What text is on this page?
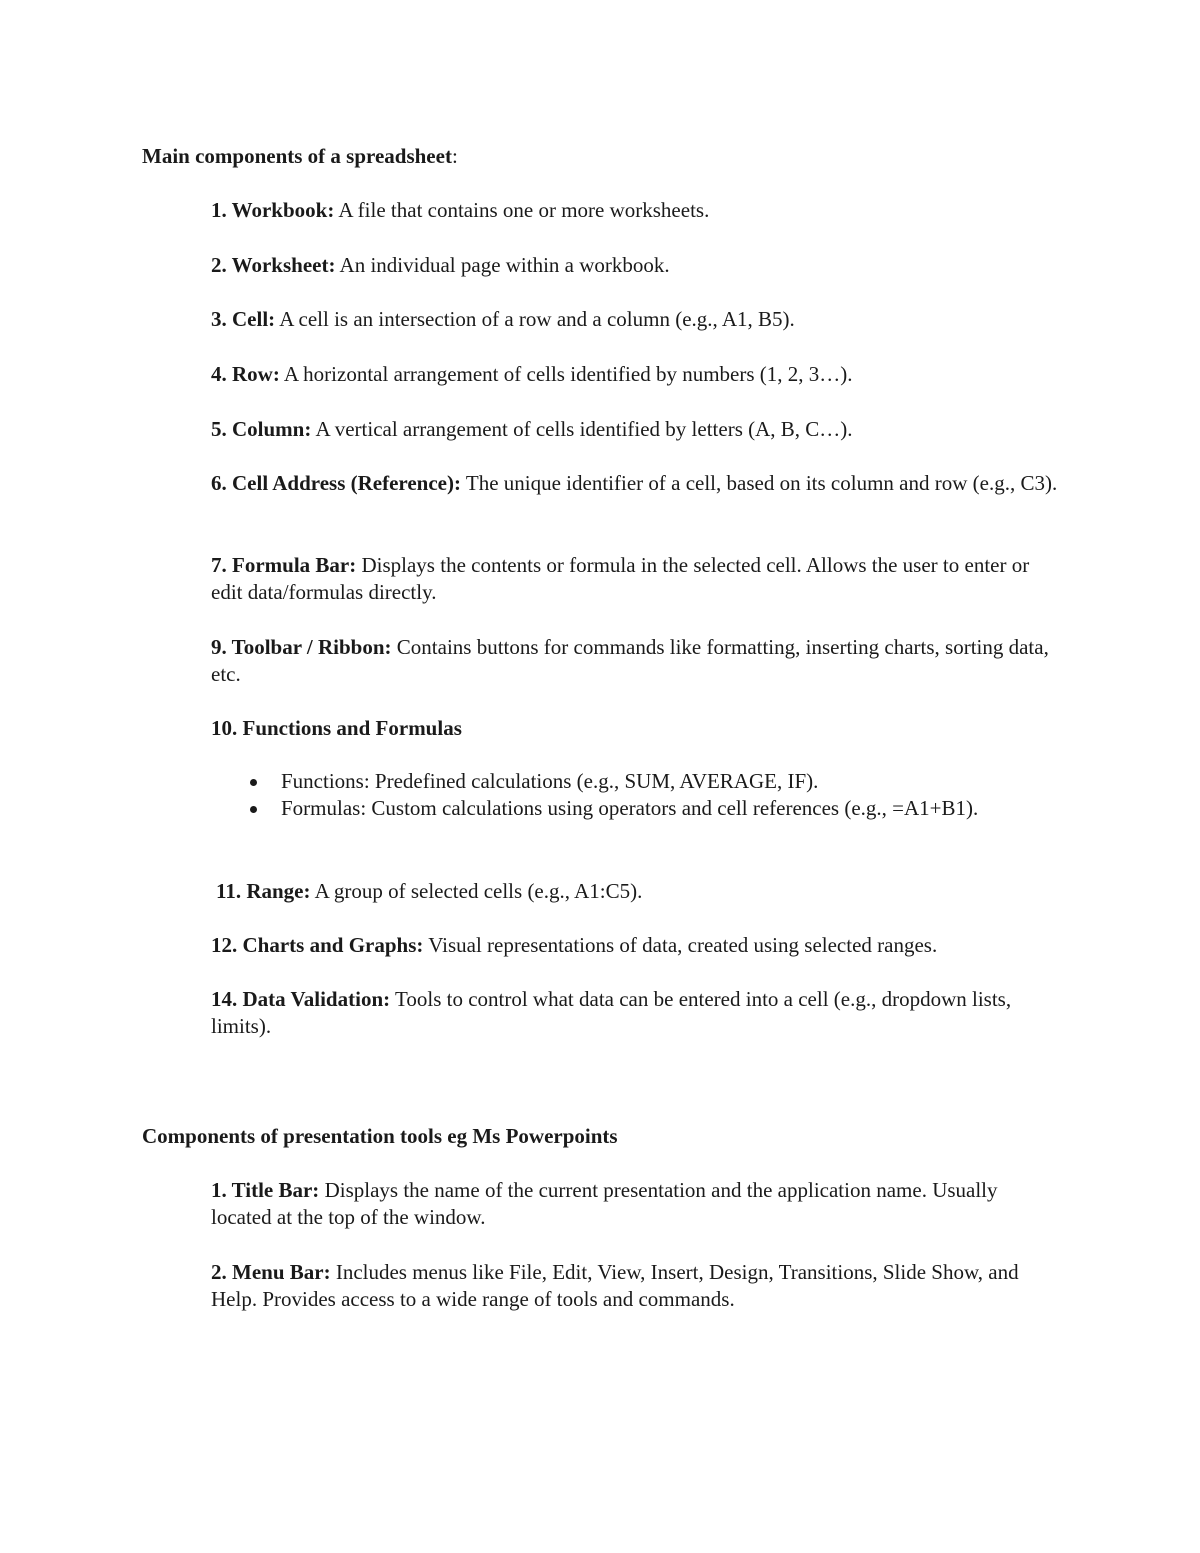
Main components of a spreadsheet:
1. Workbook: A file that contains one or more worksheets.
2. Worksheet: An individual page within a workbook.
3. Cell: A cell is an intersection of a row and a column (e.g., A1, B5).
4. Row: A horizontal arrangement of cells identified by numbers (1, 2, 3…).
5. Column: A vertical arrangement of cells identified by letters (A, B, C…).
6. Cell Address (Reference): The unique identifier of a cell, based on its column and row (e.g., C3).
7. Formula Bar: Displays the contents or formula in the selected cell. Allows the user to enter or edit data/formulas directly.
9. Toolbar / Ribbon: Contains buttons for commands like formatting, inserting charts, sorting data, etc.
10. Functions and Formulas
Functions: Predefined calculations (e.g., SUM, AVERAGE, IF).
Formulas: Custom calculations using operators and cell references (e.g., =A1+B1).
11. Range: A group of selected cells (e.g., A1:C5).
12. Charts and Graphs: Visual representations of data, created using selected ranges.
14. Data Validation: Tools to control what data can be entered into a cell (e.g., dropdown lists, limits).
Components of presentation tools eg Ms Powerpoints
1. Title Bar: Displays the name of the current presentation and the application name. Usually located at the top of the window.
2. Menu Bar: Includes menus like File, Edit, View, Insert, Design, Transitions, Slide Show, and Help. Provides access to a wide range of tools and commands.
